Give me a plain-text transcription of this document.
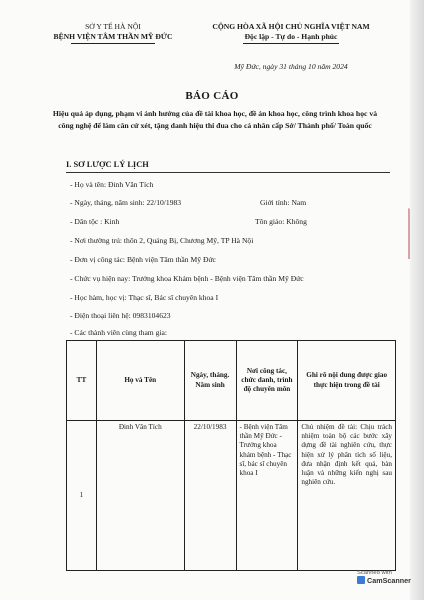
SỞ Y TẾ HÀ NỘI
BỆNH VIỆN TÂM THẦN MỸ ĐỨC
CỘNG HÒA XÃ HỘI CHỦ NGHĨA VIỆT NAM
Độc lập - Tự do - Hạnh phúc
Mỹ Đức, ngày 31 tháng 10 năm 2024
BÁO CÁO
Hiệu quả áp dụng, phạm vi ảnh hưởng của đề tài khoa học, đề án khoa học, công trình khoa học và công nghệ để làm căn cứ xét, tặng danh hiệu thi đua cho cá nhân cấp Sở/ Thành phố/ Toàn quốc
I. SƠ LƯỢC LÝ LỊCH
- Họ và tên: Đinh Văn Tích
- Ngày, tháng, năm sinh: 22/10/1983	Giới tính: Nam
- Dân tộc : Kinh	Tôn giáo: Không
- Nơi thường trú: thôn 2, Quảng Bị, Chương Mỹ, TP Hà Nội
- Đơn vị công tác: Bệnh viện Tâm thần Mỹ Đức
- Chức vụ hiện nay: Trưởng khoa Khám bệnh - Bệnh viện Tâm thần Mỹ Đức
- Học hàm, học vị: Thạc sĩ, Bác sĩ chuyên khoa I
- Điện thoại liên hệ: 0983104623
- Các thành viên cùng tham gia:
TT	Họ và Tên	Ngày, tháng. Năm sinh	Nơi công tác, chức danh, trình độ chuyên môn	Ghi rõ nội dung được giao thực hiện trong đề tài
1	Đinh Văn Tích	22/10/1983	- Bệnh viện Tâm thần Mỹ Đức - Trưởng khoa khám bệnh - Thạc sĩ, bác sĩ chuyên khoa I	Chủ nhiệm đề tài: Chịu trách nhiệm toàn bộ các bước xây dựng đề tài nghiên cứu, thực hiện xử lý phân tích số liệu, đưa nhận định kết quả, bàn luận và những kiến nghị sau nghiên cứu.
Scanned with
CamScanner
